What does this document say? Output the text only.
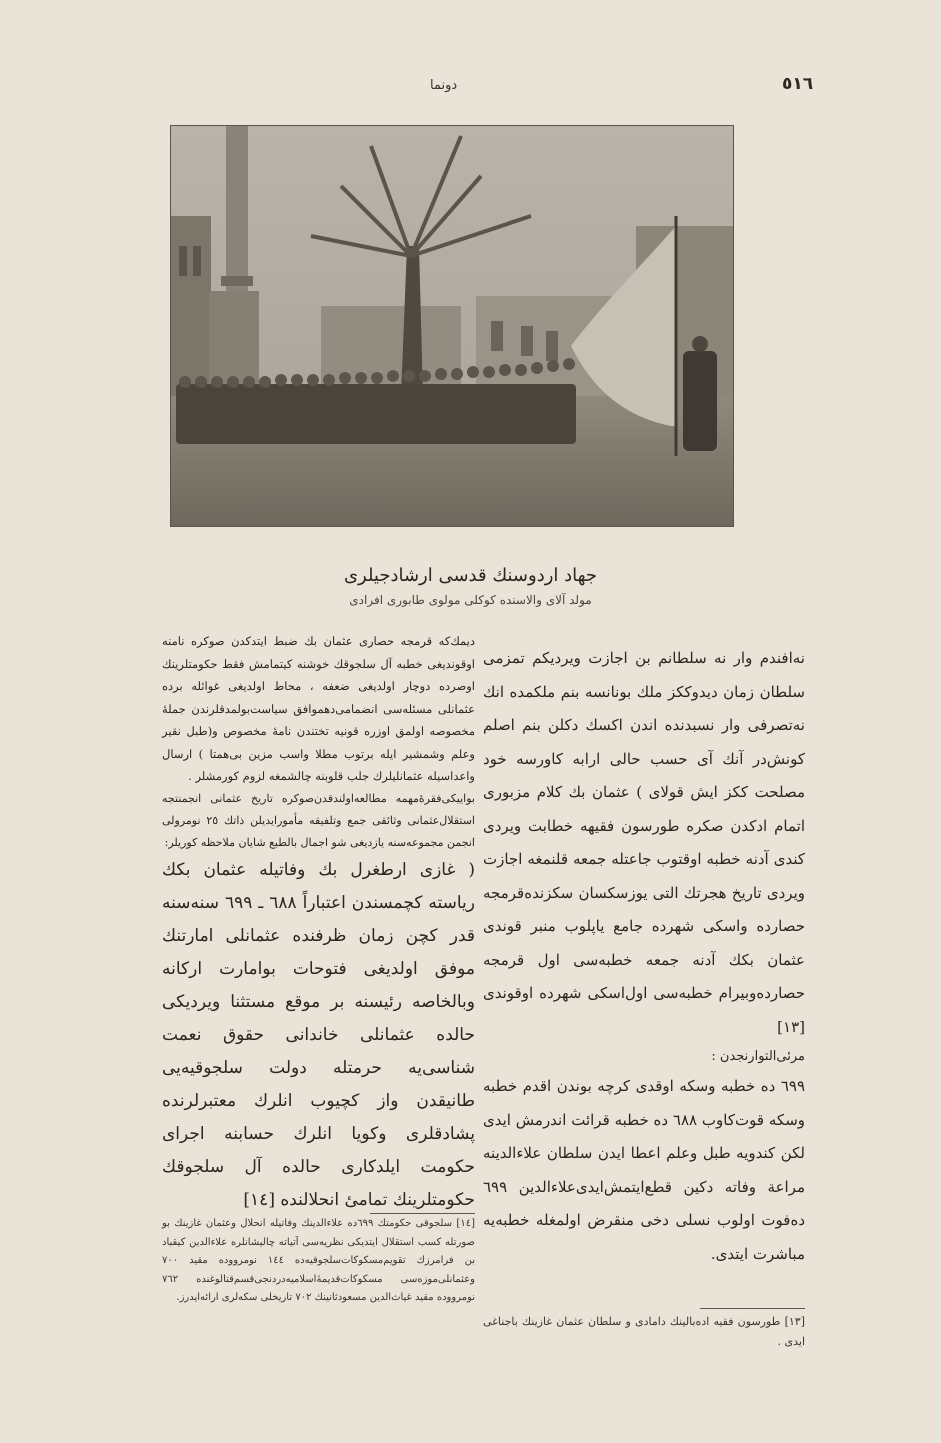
دونما	٥١٦
جهاد اردوسنك قدسی ارشادجیلری
مولد آلای والاسنده کوکلی مولوی طابوری افرادی

نه‌افندم وار نه سلطانم بن اجازت ویردیکم تمزمی سلطان زمان دیدوککز ملك بونانسه بنم ملکمده انك نه‌تصرفی وار نسبدنده اندن اکسك دکلن بنم اصلم کونش‌در آنك آی حسب حالی ارابه کاورسه خود مصلحت ککز ایش قولای ) عثمان بك کلام مزبوری اتمام ادکدن صکره طورسون فقیهه خطابت ویردی کندی آدنه خطبه اوقتوب جاعتله جمعه قلنمغه اجازت ویردی تاریخ هجرتك التی یوزسکسان سکزنده‌قرمجه حصارده واسکی شهرده جامع یاپلوب منبر قوندی عثمان بکك آدنه جمعه خطبه‌سی اول قرمجه حصارده‌وبیرام خطبه‌سی اول‌اسکی شهرده اوقوندی [١٣]

مرئی‌التوارنجدن :

٦٩٩ ده خطبه وسکه اوقدی کرچه بوندن اقدم خطبه وسکه قوت‌کاوب ٦٨٨ ده خطبه قرائت اندرمش ایدی لکن کندویه طبل وعلم اعطا ایدن سلطان علاءالدینه مراعة وفاته دکین قطع‌ایتمش‌ایدی‌علاءالدین ٦٩٩ ده‌فوت اولوب نسلی دخی منقرض اولمغله خطبه‌یه مباشرت ایتدی.

[١٣] طورسون فقیه اده‌بالینك دامادی و سلطان عثمان غازینك باجناغی ایدی .

دیمك‌که قرمجه حصاری عثمان بك ضبط ایتدکدن صوکره نامنه اوقوندیغی خطبه آل سلجوقك خوشنه کیتمامش فقط حکومتلرینك اوصرده دوچار اولدیغی ضعفه ، محاط اولدیغی غوائله برده عثمانلی مسئله‌سی انضمامی‌دهموافق سیاست‌بولمدقلرندن جملهٔ مخصوصه اولمق اوزره قونیه تختندن نامهٔ مخصوص و(طبل نقیر وعلم وشمشیر ایله برتوب مطلا واسب مزین بی‌همتا ) ارسال واعداسیله عثمانلیلرك جلب قلوبنه چالشمغه لزوم کورمشلر .

بواییکی‌فقرهٔ‌مهمه مطالعه‌اولندقدن‌صوکره تاریخ عثمانی انجمنتجه استقلال‌عثمانی وثائقی جمع وتلفیقه مأمورایدیلن ذاتك ٢٥ نومرولی انجمن مجموعه‌سنه یازدیغی شو اجمال بالطبع شایان ملاحظه کوریلر:

( غازی ارطغرل بك وفاتیله عثمان بکك ریاسته کچمسندن اعتباراً ٦٨٨ ـ ٦٩٩ سنه‌سنه قدر کچن زمان ظرفنده عثمانلی امارتنك موفق اولدیغی فتوحات بوامارت ارکانه وبالخاصه رئیسنه بر موقع مستثنا ویردیکی حالده عثمانلی خاندانی حقوق نعمت شناسی‌یه حرمتله دولت سلجوقیه‌یی طانیقدن واز کچیوب انلرك معتبرلرنده پشادقلری وکویا انلرك حسابنه اجرای حکومت ایلدکاری حالده آل سلجوقك حکومتلرینك تمامیٔ انحلالنده [١٤]

[١٤] سلجوقی حکومتك ٦٩٩ده علاءالدینك وفاتیله انحلال وعثمان غازینك بو صورتله کسب استقلال ایتدیکی نظریه‌سی آتیاته چالیشانلره علاءالدین کیقباد بن فرامرزك تقویم‌مسکوکات‌سلجوقیه‌ده ١٤٤ نومرووده مقید ٧٠٠ وعثمانلی‌موزه‌سی مسکوکات‌قدیمهٔ‌اسلامیه‌دردنجی‌قسم‌قتالوغنده ٧٦٢ نومرووده مقید غیاث‌الدین مسعودثانینك ٧٠٢ تاریخلی سکه‌لری ارائه‌ایدرز.
